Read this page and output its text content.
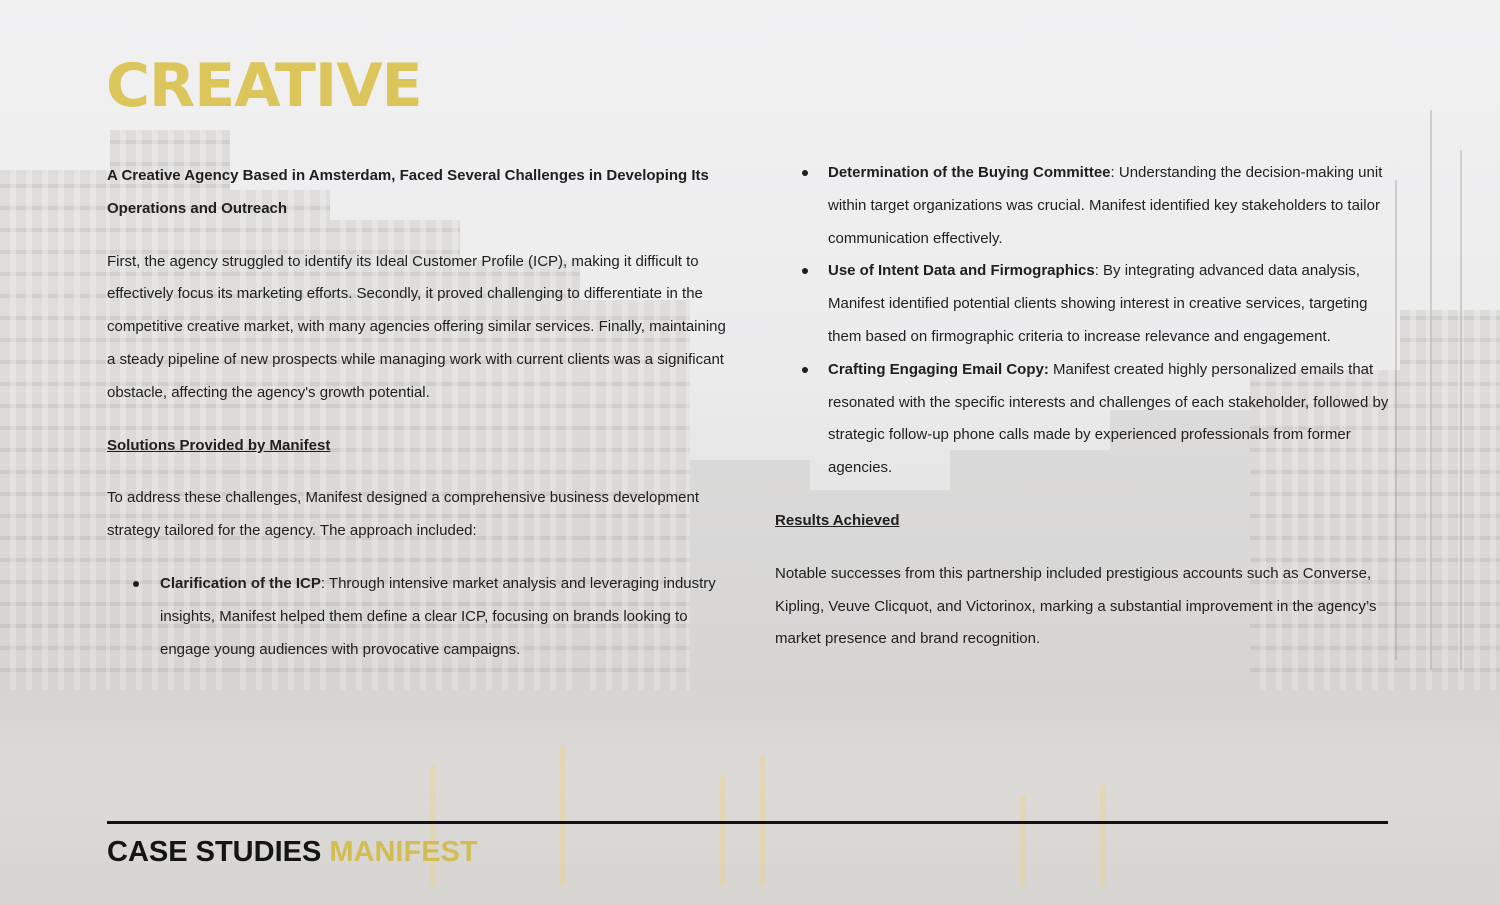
CREATIVE

A Creative Agency Based in Amsterdam, Faced Several Challenges in Developing Its Operations and Outreach

First, the agency struggled to identify its Ideal Customer Profile (ICP), making it difficult to effectively focus its marketing efforts. Secondly, it proved challenging to differentiate in the competitive creative market, with many agencies offering similar services. Finally, maintaining a steady pipeline of new prospects while managing work with current clients was a significant obstacle, affecting the agency's growth potential.

Solutions Provided by Manifest

To address these challenges, Manifest designed a comprehensive business development strategy tailored for the agency. The approach included:

Clarification of the ICP: Through intensive market analysis and leveraging industry insights, Manifest helped them define a clear ICP, focusing on brands looking to engage young audiences with provocative campaigns.
Determination of the Buying Committee: Understanding the decision-making unit within target organizations was crucial. Manifest identified key stakeholders to tailor communication effectively.
Use of Intent Data and Firmographics: By integrating advanced data analysis, Manifest identified potential clients showing interest in creative services, targeting them based on firmographic criteria to increase relevance and engagement.
Crafting Engaging Email Copy: Manifest created highly personalized emails that resonated with the specific interests and challenges of each stakeholder, followed by strategic follow-up phone calls made by experienced professionals from former agencies.

Results Achieved

Notable successes from this partnership included prestigious accounts such as Converse, Kipling, Veuve Clicquot, and Victorinox, marking a substantial improvement in the agency’s market presence and brand recognition.

CASE STUDIES MANIFEST
